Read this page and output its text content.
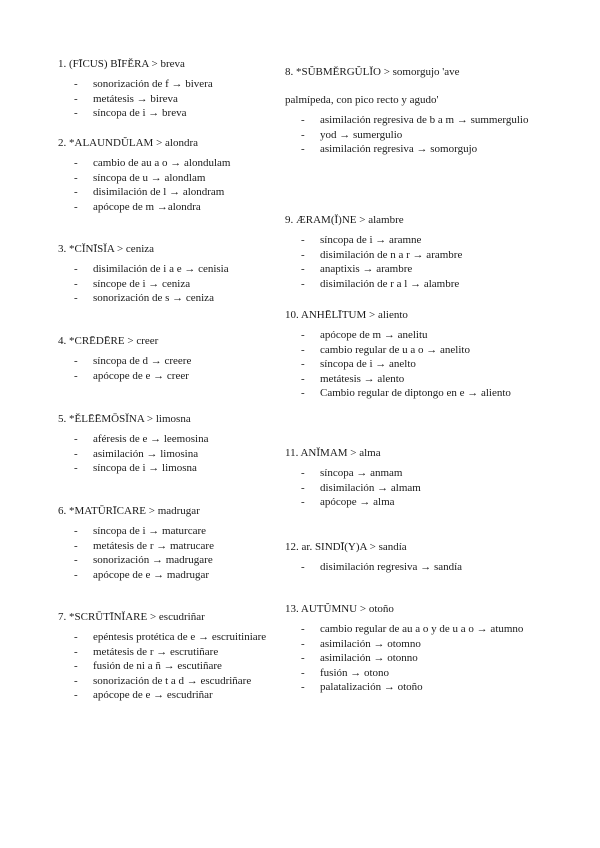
1. (FĪCUS) BĪFĔRA > breva
- sonorización de f → bivera
- metátesis → bireva
- síncopa de i → breva
2. *ALAUNDŬLAM > alondra
- cambio de au a o → alondulam
- síncopa de u → alondlam
- disimilación de l → alondram
- apócope de m →alondra
3. *CĬNĪSĬA > ceniza
- disimilación de i a e → cenisia
- síncope de i → ceniza
- sonorización de s → ceniza
4. *CRĒDĒRE > creer
- síncopa de d → creere
- apócope de e → creer
5. *ĔLĒĒMŌSĬNA > limosna
- aféresis de e → leemosina
- asimilación → limosina
- síncopa de i → limosna
6. *MATŪRĪCARE > madrugar
- síncopa de i → maturcare
- metátesis de r → matrucare
- sonorización → madrugare
- apócope de e → madrugar
7. *SCRŪTĪNĬARE > escudriñar
- epéntesis protética de e → escruitiniare
- metátesis de r → escrutiñare
- fusión de ni a ñ → escutiñare
- sonorización de t a d → escudriñare
- apócope de e → escudriñar
8. *SŬBMĔRGŬLĬO > somorgujo 'ave
palmípeda, con pico recto y agudo'
- asimilación regresiva de b a m → summergulio
- yod → sumergulio
- asimilación regresiva → somorgujo
9. ÆRAM(Ĭ)NE > alambre
- síncopa de i → aramne
- disimilación de n a r → arambre
- anaptixis → arambre
- disimilación de r a l → alambre
10. ANHĒLĪTUM > aliento
- apócope de m → anelitu
- cambio regular de u a o → anelito
- síncopa de i → anelto
- metátesis → alento
- Cambio regular de diptongo en e → aliento
11. ANĬMAM > alma
- síncopa → anmam
- disimilación → almam
- apócope → alma
12. ar. SINDĪ(Y)A > sandía
- disimilación regresiva → sandía
13. AUTŬMNU > otoño
- cambio regular de au a o y de u a o → atumno
- asimilación → otomno
- asimilación → otonno
- fusión → otono
- palatalización → otoño
